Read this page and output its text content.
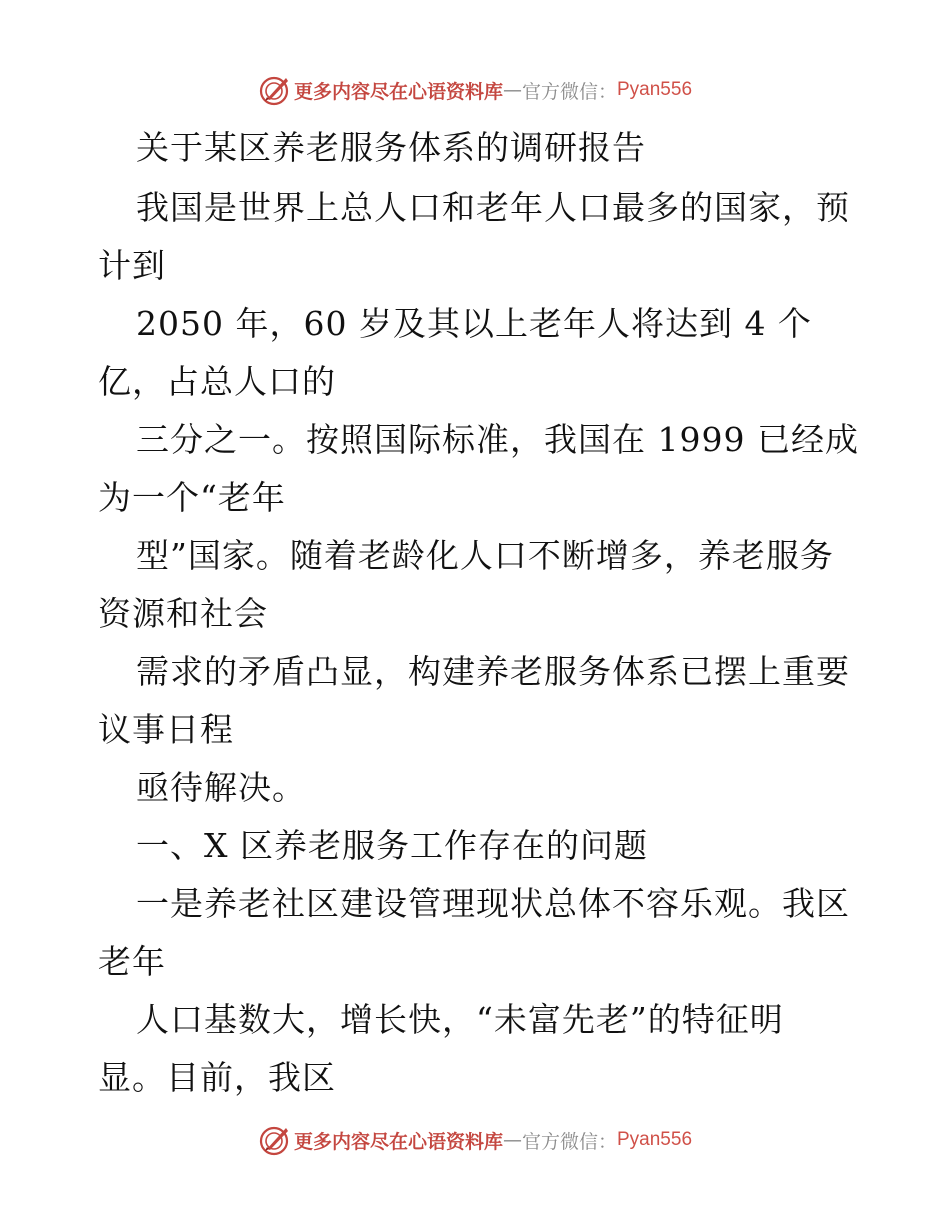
更多内容尽在心语资料库 — 官方微信： Pyan556
关于某区养老服务体系的调研报告
我国是世界上总人口和老年人口最多的国家，预
计到
2050 年，60 岁及其以上老年人将达到 4 个
亿，占总人口的
三分之一。按照国际标准，我国在 1999 已经成
为一个“老年
型”国家。随着老龄化人口不断增多，养老服务
资源和社会
需求的矛盾凸显，构建养老服务体系已摆上重要
议事日程
亟待解决。
一、X 区养老服务工作存在的问题
一是养老社区建设管理现状总体不容乐观。我区
老年
人口基数大，增长快，“未富先老”的特征明
显。目前，我区
更多内容尽在心语资料库 — 官方微信： Pyan556
